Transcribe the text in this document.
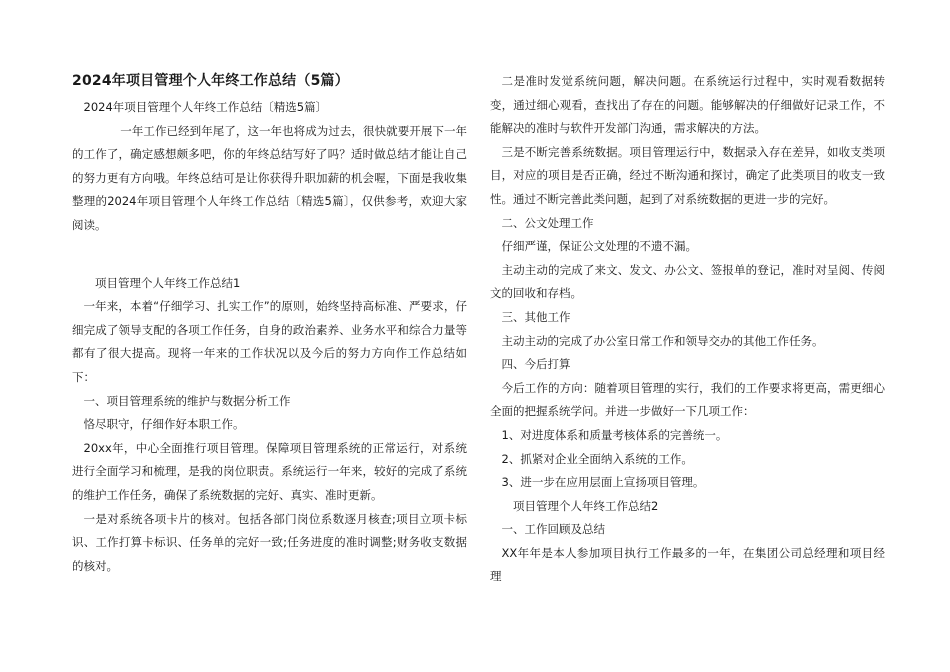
2024年项目管理个人年终工作总结（5篇）

2024年项目管理个人年终工作总结〔精选5篇〕

一年工作已经到年尾了，这一年也将成为过去，很快就要开展下一年的工作了，确定感想颇多吧，你的年终总结写好了吗？适时做总结才能让自己的努力更有方向哦。年终总结可是让你获得升职加薪的机会喔，下面是我收集整理的2024年项目管理个人年终工作总结〔精选5篇〕，仅供参考，欢迎大家阅读。

项目管理个人年终工作总结1

一年来，本着“仔细学习、扎实工作”的原则，始终坚持高标准、严要求，仔细完成了领导支配的各项工作任务，自身的政治素养、业务水平和综合力量等都有了很大提高。现将一年来的工作状况以及今后的努力方向作工作总结如下：

一、项目管理系统的维护与数据分析工作

恪尽职守，仔细作好本职工作。

20xx年，中心全面推行项目管理。保障项目管理系统的正常运行，对系统进行全面学习和梳理，是我的岗位职责。系统运行一年来，较好的完成了系统的维护工作任务，确保了系统数据的完好、真实、准时更新。

一是对系统各项卡片的核对。包括各部门岗位系数逐月核查;项目立项卡标识、工作打算卡标识、任务单的完好一致;任务进度的准时调整;财务收支数据的核对。

二是准时发觉系统问题，解决问题。在系统运行过程中，实时观看数据转变，通过细心观看，查找出了存在的问题。能够解决的仔细做好记录工作，不能解决的准时与软件开发部门沟通，需求解决的方法。

三是不断完善系统数据。项目管理运行中，数据录入存在差异，如收支类项目，对应的项目是否正确，经过不断沟通和探讨，确定了此类项目的收支一致性。通过不断完善此类问题，起到了对系统数据的更进一步的完好。

二、公文处理工作

仔细严谨，保证公文处理的不遗不漏。

主动主动的完成了来文、发文、办公文、签报单的登记，准时对呈阅、传阅文的回收和存档。

三、其他工作

主动主动的完成了办公室日常工作和领导交办的其他工作任务。

四、今后打算

今后工作的方向：随着项目管理的实行，我们的工作要求将更高，需更细心全面的把握系统学问。并进一步做好一下几项工作：

1、对进度体系和质量考核体系的完善统一。

2、抓紧对企业全面纳入系统的工作。

3、进一步在应用层面上宣扬项目管理。

项目管理个人年终工作总结2

一、工作回顾及总结

XX年年是本人参加项目执行工作最多的一年，在集团公司总经理和项目经理
